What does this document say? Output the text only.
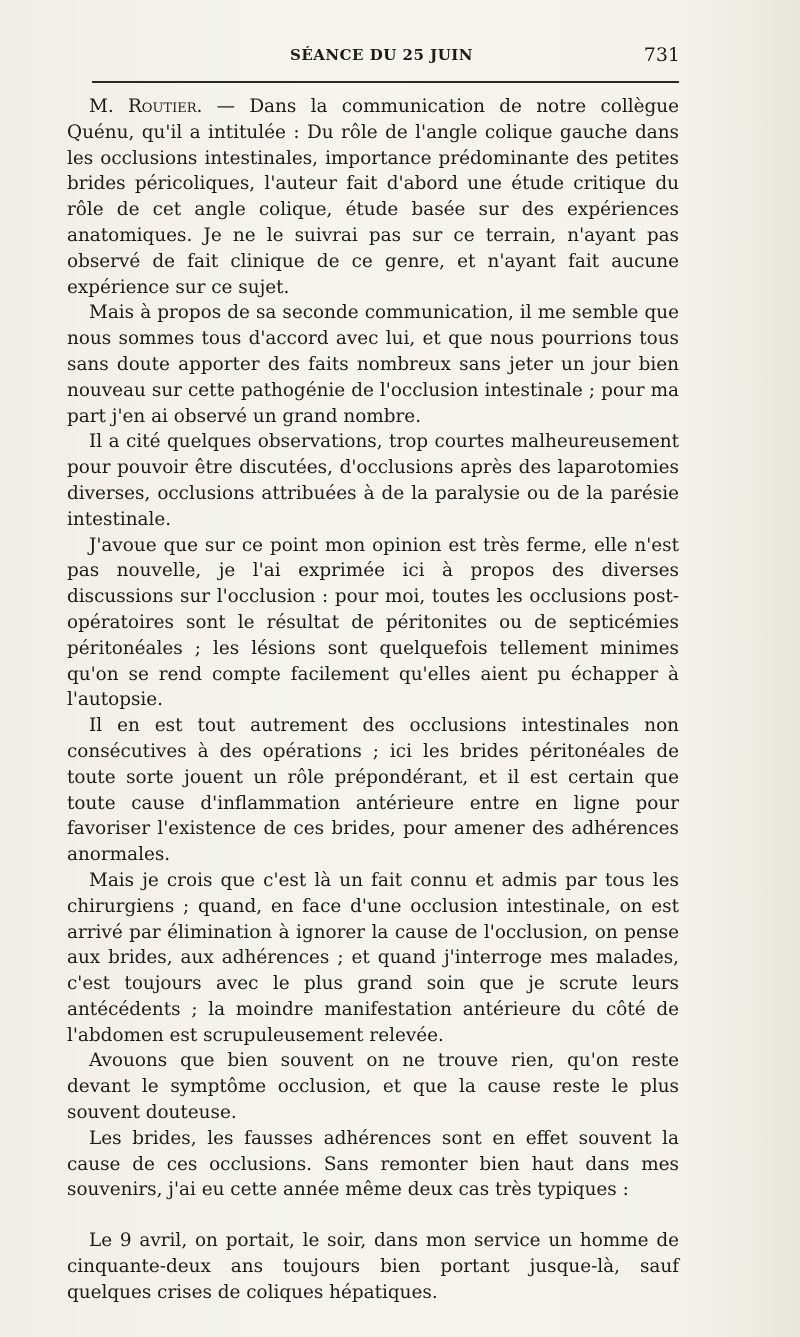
SÉANCE DU 25 JUIN	731

M. Routier. — Dans la communication de notre collègue Quénu, qu'il a intitulée : Du rôle de l'angle colique gauche dans les occlusions intestinales, importance prédominante des petites brides péricoliques, l'auteur fait d'abord une étude critique du rôle de cet angle colique, étude basée sur des expériences anatomiques. Je ne le suivrai pas sur ce terrain, n'ayant pas observé de fait clinique de ce genre, et n'ayant fait aucune expérience sur ce sujet.

Mais à propos de sa seconde communication, il me semble que nous sommes tous d'accord avec lui, et que nous pourrions tous sans doute apporter des faits nombreux sans jeter un jour bien nouveau sur cette pathogénie de l'occlusion intestinale ; pour ma part j'en ai observé un grand nombre.

Il a cité quelques observations, trop courtes malheureusement pour pouvoir être discutées, d'occlusions après des laparotomies diverses, occlusions attribuées à de la paralysie ou de la parésie intestinale.

J'avoue que sur ce point mon opinion est très ferme, elle n'est pas nouvelle, je l'ai exprimée ici à propos des diverses discussions sur l'occlusion : pour moi, toutes les occlusions post-opératoires sont le résultat de péritonites ou de septicémies péritonéales ; les lésions sont quelquefois tellement minimes qu'on se rend compte facilement qu'elles aient pu échapper à l'autopsie.

Il en est tout autrement des occlusions intestinales non consécutives à des opérations ; ici les brides péritonéales de toute sorte jouent un rôle prépondérant, et il est certain que toute cause d'inflammation antérieure entre en ligne pour favoriser l'existence de ces brides, pour amener des adhérences anormales.

Mais je crois que c'est là un fait connu et admis par tous les chirurgiens ; quand, en face d'une occlusion intestinale, on est arrivé par élimination à ignorer la cause de l'occlusion, on pense aux brides, aux adhérences ; et quand j'interroge mes malades, c'est toujours avec le plus grand soin que je scrute leurs antécédents ; la moindre manifestation antérieure du côté de l'abdomen est scrupuleusement relevée.

Avouons que bien souvent on ne trouve rien, qu'on reste devant le symptôme occlusion, et que la cause reste le plus souvent douteuse.

Les brides, les fausses adhérences sont en effet souvent la cause de ces occlusions. Sans remonter bien haut dans mes souvenirs, j'ai eu cette année même deux cas très typiques :

Le 9 avril, on portait, le soir, dans mon service un homme de cinquante-deux ans toujours bien portant jusque-là, sauf quelques crises de coliques hépatiques.
